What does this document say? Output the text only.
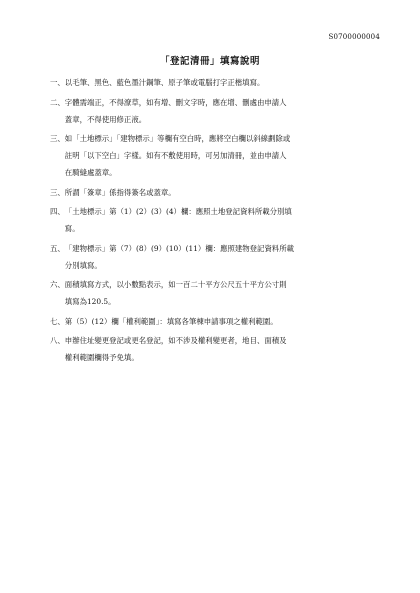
S0700000004
「登記清冊」填寫說明
一、 以毛筆、黑色、藍色墨汁鋼筆、原子筆或電腦打字正楷填寫。
二、 字體需端正，不得潦草，如有增、刪文字時，應在增、刪處由申請人
蓋章，不得使用修正液。
三、 如「土地標示」「建物標示」等欄有空白時，應將空白欄以斜線劃除或
註明「以下空白」字樣。如有不敷使用時，可另加清冊，並由申請人
在騎縫處蓋章。
三、 所謂「簽章」係指得簽名或蓋章。
四、 「土地標示」第（1）(2）(3）(4）欄：應照土地登記資料所載分別填
寫。
五、 「建物標示」第（7）(8）(9）(10）(11）欄：應照建物登記資料所載
分別填寫。
六、 面積填寫方式，以小數點表示，如一百二十平方公尺五十平方公寸則
填寫為120.5。
七、 第（5）(12）欄「權利範圍」：填寫各筆棟申請事項之權利範圍。
八、 申辦住址變更登記或更名登記，如不涉及權利變更者，地目、面積及
權利範圍欄得予免填。
